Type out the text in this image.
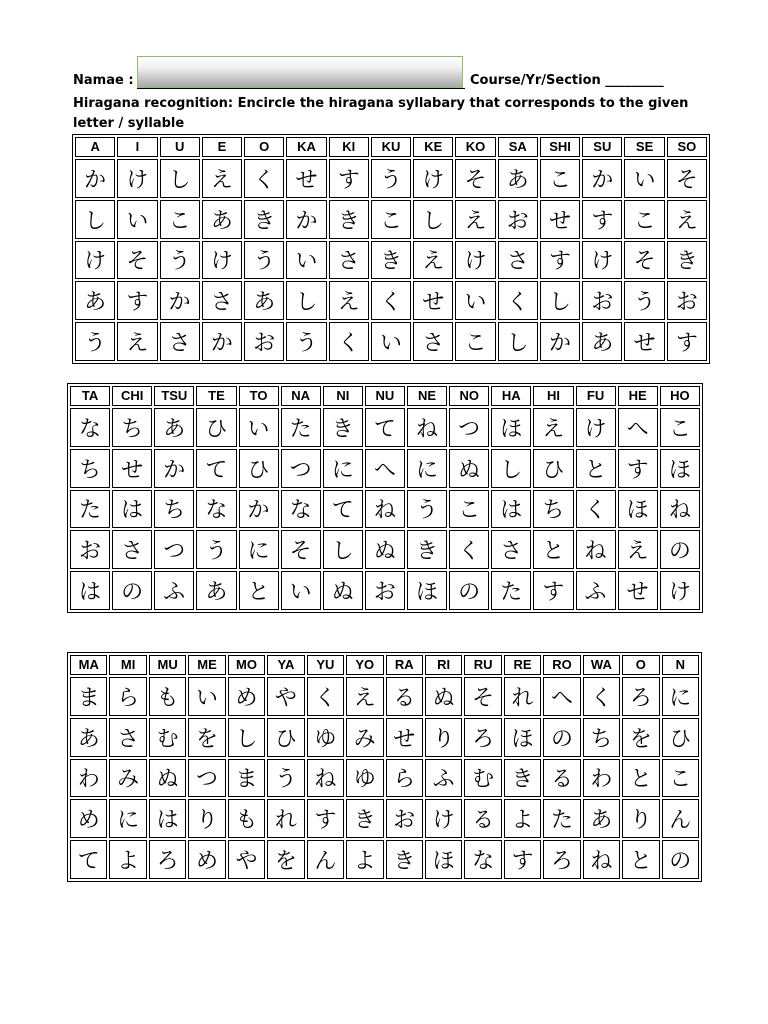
Namae :	Course/Yr/Section _________
Hiragana recognition: Encircle the hiragana syllabary that corresponds to the given letter / syllable
A	I	U	E	O	KA	KI	KU	KE	KO	SA	SHI	SU	SE	SO
か	け	し	え	く	せ	す	う	け	そ	あ	こ	か	い	そ
し	い	こ	あ	き	か	き	こ	し	え	お	せ	す	こ	え
け	そ	う	け	う	い	さ	き	え	け	さ	す	け	そ	き
あ	す	か	さ	あ	し	え	く	せ	い	く	し	お	う	お
う	え	さ	か	お	う	く	い	さ	こ	し	か	あ	せ	す
TA	CHI	TSU	TE	TO	NA	NI	NU	NE	NO	HA	HI	FU	HE	HO
な	ち	あ	ひ	い	た	き	て	ね	つ	ほ	え	け	へ	こ
ち	せ	か	て	ひ	つ	に	へ	に	ぬ	し	ひ	と	す	ほ
た	は	ち	な	か	な	て	ね	う	こ	は	ち	く	ほ	ね
お	さ	つ	う	に	そ	し	ぬ	き	く	さ	と	ね	え	の
は	の	ふ	あ	と	い	ぬ	お	ほ	の	た	す	ふ	せ	け
MA	MI	MU	ME	MO	YA	YU	YO	RA	RI	RU	RE	RO	WA	O	N
ま	ら	も	い	め	や	く	え	る	ぬ	そ	れ	へ	く	ろ	に
あ	さ	む	を	し	ひ	ゆ	み	せ	り	ろ	ほ	の	ち	を	ひ
わ	み	ぬ	つ	ま	う	ね	ゆ	ら	ふ	む	き	る	わ	と	こ
め	に	は	り	も	れ	す	き	お	け	る	よ	た	あ	り	ん
て	よ	ろ	め	や	を	ん	よ	き	ほ	な	す	ろ	ね	と	の
